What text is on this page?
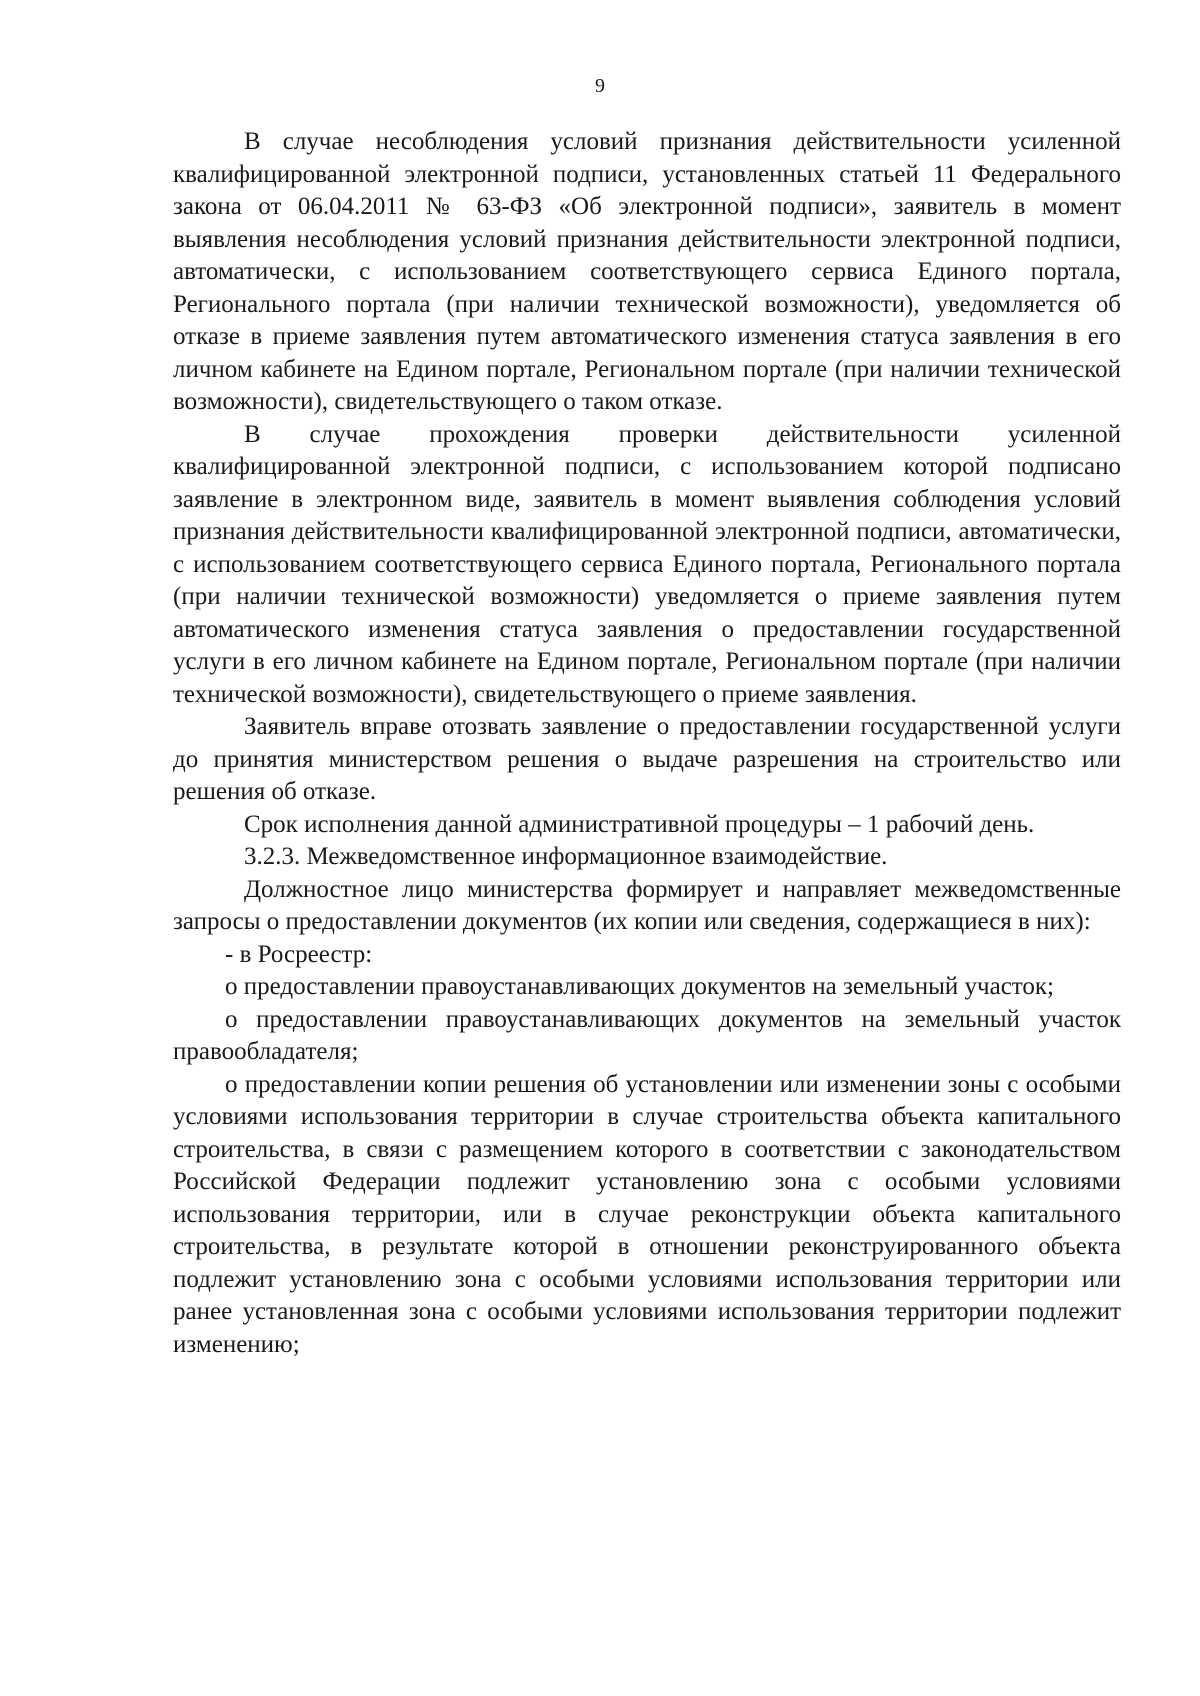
9

В случае несоблюдения условий признания действительности усиленной квалифицированной электронной подписи, установленных статьей 11 Федерального закона от 06.04.2011 № 63-ФЗ «Об электронной подписи», заявитель в момент выявления несоблюдения условий признания действительности электронной подписи, автоматически, с использованием соответствующего сервиса Единого портала, Регионального портала (при наличии технической возможности), уведомляется об отказе в приеме заявления путем автоматического изменения статуса заявления в его личном кабинете на Едином портале, Региональном портале (при наличии технической возможности), свидетельствующего о таком отказе.

В случае прохождения проверки действительности усиленной квалифицированной электронной подписи, с использованием которой подписано заявление в электронном виде, заявитель в момент выявления соблюдения условий признания действительности квалифицированной электронной подписи, автоматически, с использованием соответствующего сервиса Единого портала, Регионального портала (при наличии технической возможности) уведомляется о приеме заявления путем автоматического изменения статуса заявления о предоставлении государственной услуги в его личном кабинете на Едином портале, Региональном портале (при наличии технической возможности), свидетельствующего о приеме заявления.

Заявитель вправе отозвать заявление о предоставлении государственной услуги до принятия министерством решения о выдаче разрешения на строительство или решения об отказе.

Срок исполнения данной административной процедуры – 1 рабочий день.

3.2.3. Межведомственное информационное взаимодействие.

Должностное лицо министерства формирует и направляет межведомственные запросы о предоставлении документов (их копии или сведения, содержащиеся в них):

- в Росреестр:

о предоставлении правоустанавливающих документов на земельный участок;

о предоставлении правоустанавливающих документов на земельный участок правообладателя;

о предоставлении копии решения об установлении или изменении зоны с особыми условиями использования территории в случае строительства объекта капитального строительства, в связи с размещением которого в соответствии с законодательством Российской Федерации подлежит установлению зона с особыми условиями использования территории, или в случае реконструкции объекта капитального строительства, в результате которой в отношении реконструированного объекта подлежит установлению зона с особыми условиями использования территории или ранее установленная зона с особыми условиями использования территории подлежит изменению;
